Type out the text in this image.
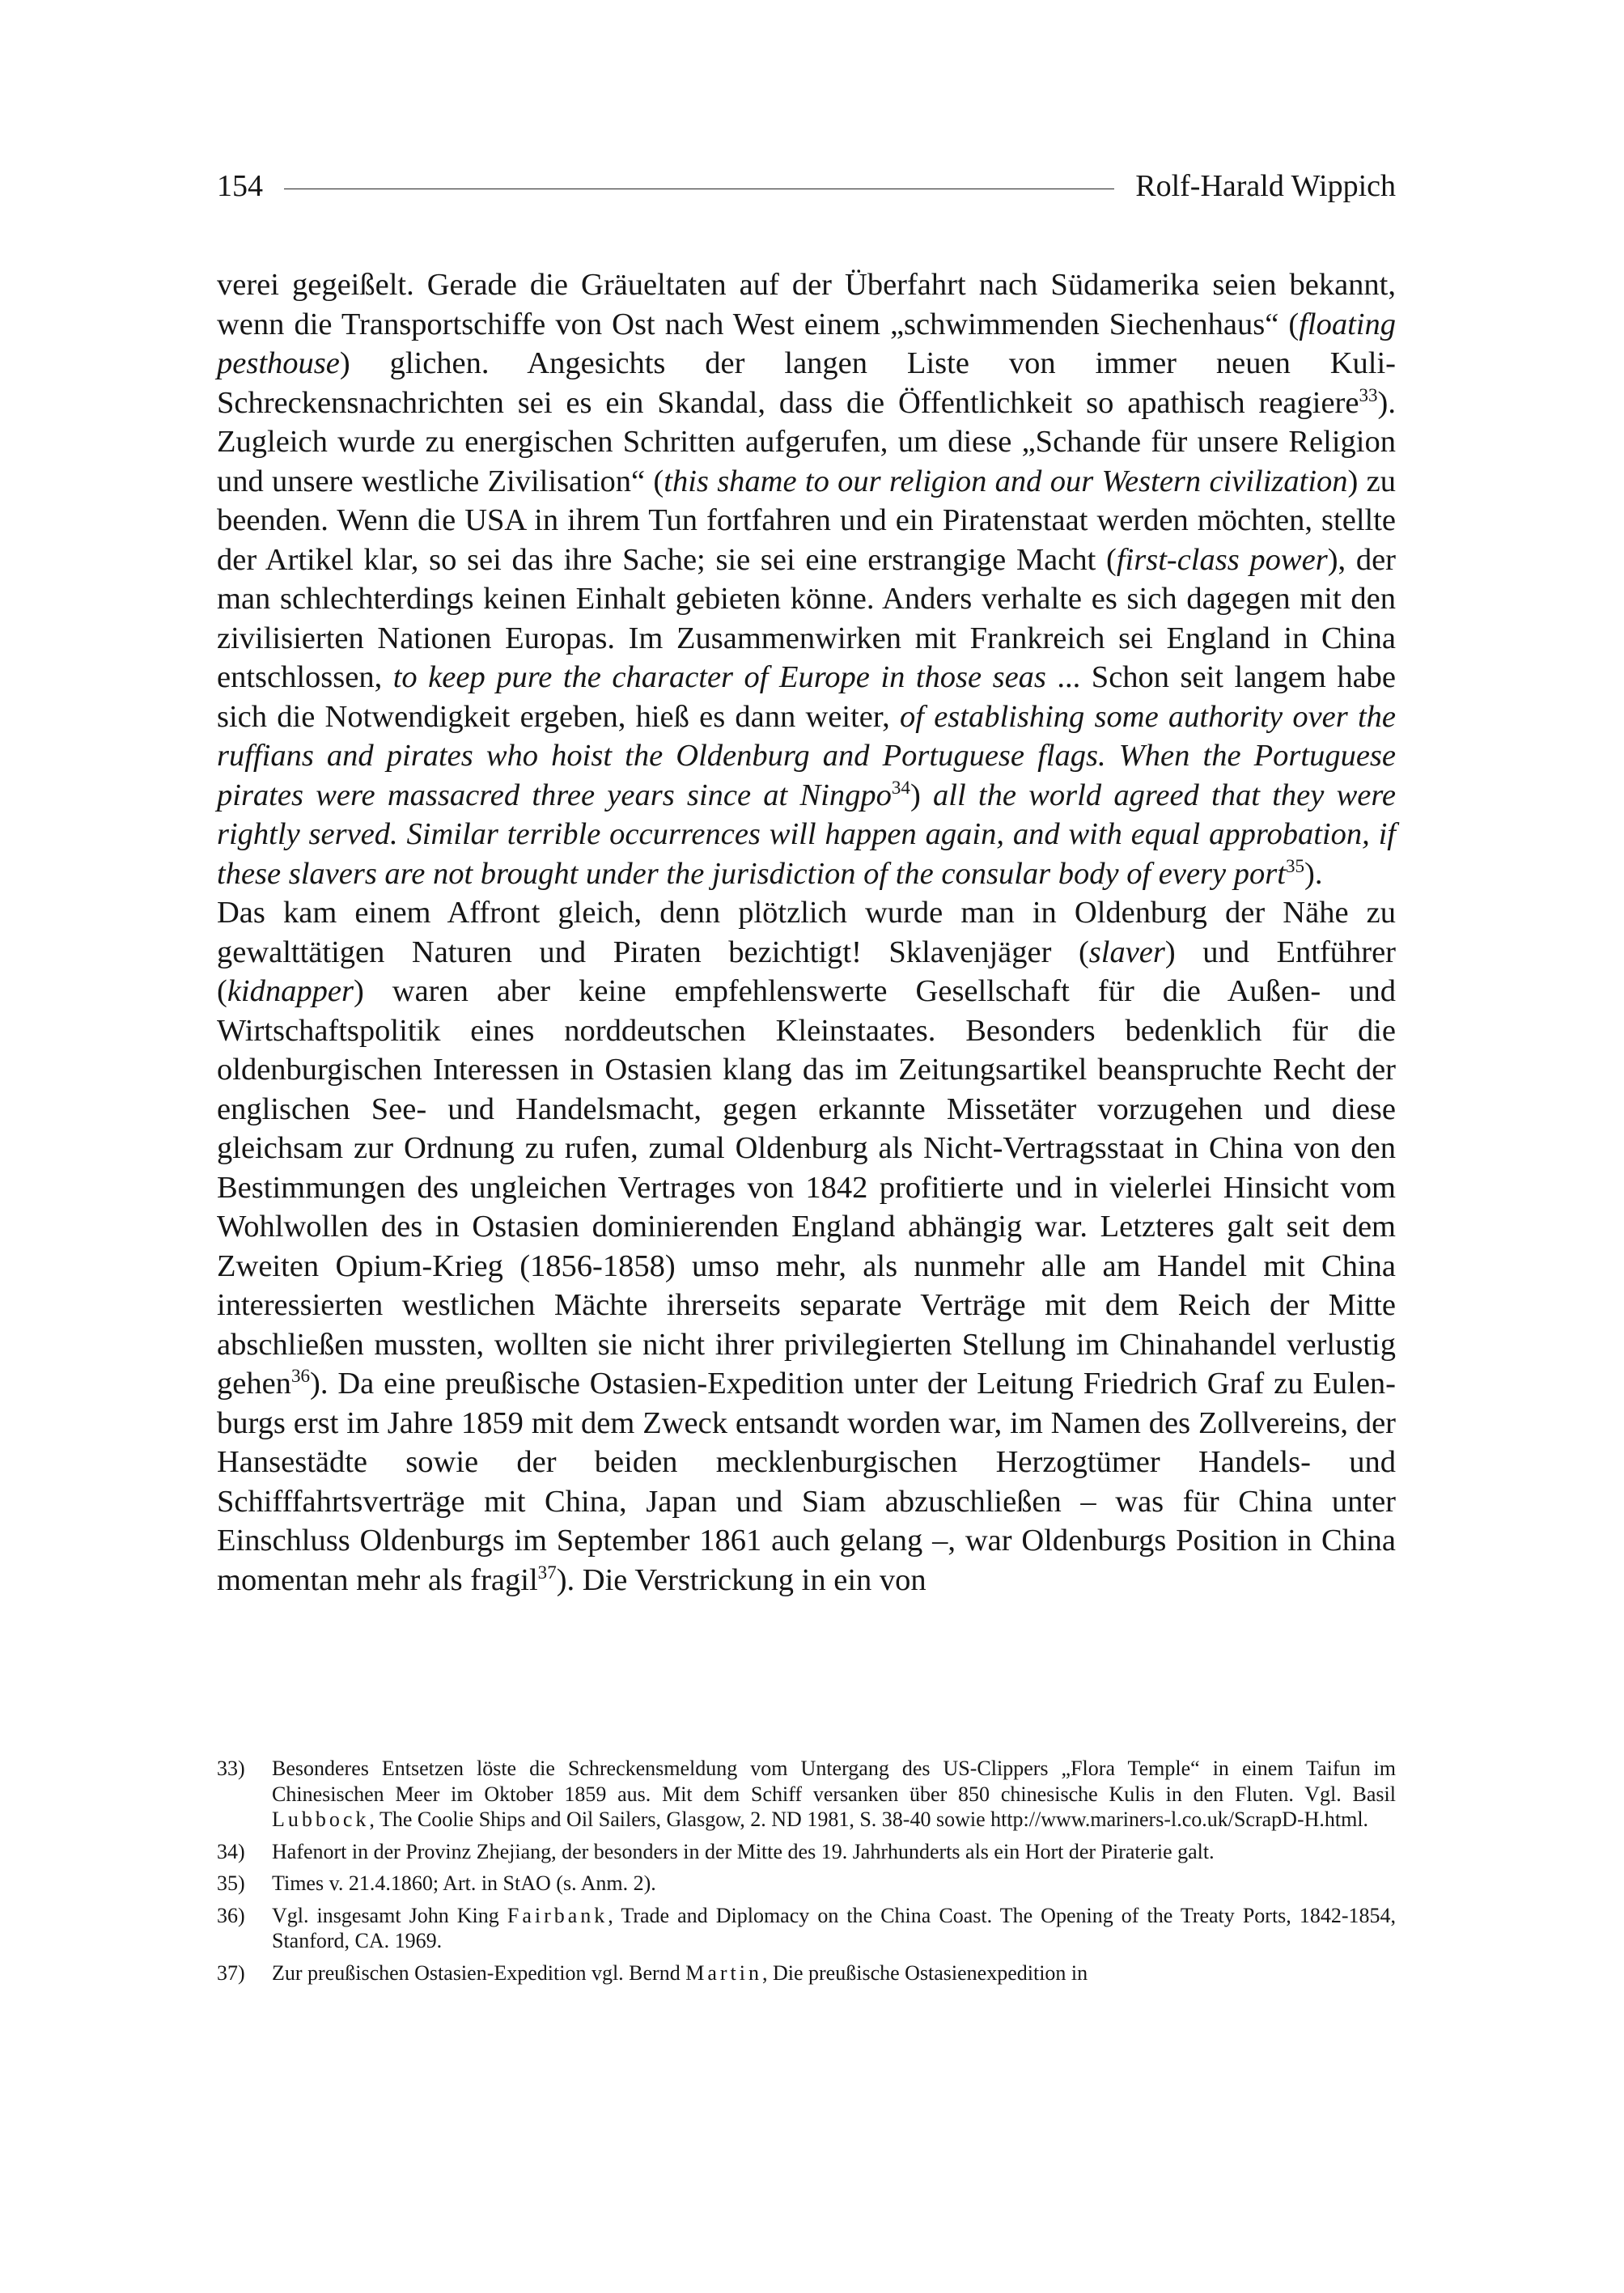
154	Rolf-Harald Wippich

verei gegeißelt. Gerade die Gräueltaten auf der Überfahrt nach Südamerika seien bekannt, wenn die Transportschiffe von Ost nach West einem „schwimmenden Siechenhaus“ (floating pesthouse) glichen. Angesichts der langen Liste von immer neuen Kuli-Schreckensnachrichten sei es ein Skandal, dass die Öffentlichkeit so apathisch reagiere$^{33}$). Zugleich wurde zu energischen Schritten aufgerufen, um diese „Schande für unsere Religion und unsere westliche Zivilisation“ (this shame to our religion and our Western civilization) zu beenden. Wenn die USA in ihrem Tun fortfahren und ein Piratenstaat werden möchten, stellte der Artikel klar, so sei das ihre Sache; sie sei eine erstrangige Macht (first-class power), der man schlechterdings keinen Einhalt gebieten könne. Anders verhalte es sich dagegen mit den zivilisierten Nationen Europas. Im Zusammenwirken mit Frankreich sei England in China entschlossen, to keep pure the character of Europe in those seas ... Schon seit langem habe sich die Notwendigkeit ergeben, hieß es dann weiter, of establishing some authority over the ruffians and pirates who hoist the Oldenburg and Portuguese flags. When the Portuguese pirates were massacred three years since at Ningpo$^{34}$) all the world agreed that they were rightly served. Similar terrible occurrences will happen again, and with equal approbation, if these slavers are not brought under the jurisdiction of the consular body of every port$^{35}$).

Das kam einem Affront gleich, denn plötzlich wurde man in Oldenburg der Nähe zu gewalttätigen Naturen und Piraten bezichtigt! Sklavenjäger (slaver) und Entführer (kidnapper) waren aber keine empfehlenswerte Gesellschaft für die Außen- und Wirtschaftspolitik eines norddeutschen Kleinstaates. Besonders bedenklich für die oldenburgischen Interessen in Ostasien klang das im Zeitungsartikel beanspruchte Recht der englischen See- und Handelsmacht, gegen erkannte Missetäter vorzugehen und diese gleichsam zur Ordnung zu rufen, zumal Oldenburg als Nicht-Vertragsstaat in China von den Bestimmungen des ungleichen Vertrages von 1842 profitierte und in vielerlei Hinsicht vom Wohlwollen des in Ostasien dominierenden England abhängig war. Letzteres galt seit dem Zweiten Opium-Krieg (1856-1858) umso mehr, als nunmehr alle am Handel mit China interessierten westlichen Mächte ihrerseits separate Verträge mit dem Reich der Mitte abschließen mussten, wollten sie nicht ihrer privilegierten Stellung im Chinahandel verlustig gehen$^{36}$). Da eine preußische Ostasien-Expedition unter der Leitung Friedrich Graf zu Eulenburgs erst im Jahre 1859 mit dem Zweck entsandt worden war, im Namen des Zollvereins, der Hansestädte sowie der beiden mecklenburgischen Herzogtümer Handels- und Schifffahrtsverträge mit China, Japan und Siam abzuschließen – was für China unter Einschluss Oldenburgs im September 1861 auch gelang –, war Oldenburgs Position in China momentan mehr als fragil$^{37}$). Die Verstrickung in ein von

33)	Besonderes Entsetzen löste die Schreckensmeldung vom Untergang des US-Clippers „Flora Temple“ in einem Taifun im Chinesischen Meer im Oktober 1859 aus. Mit dem Schiff versanken über 850 chinesische Kulis in den Fluten. Vgl. Basil Lubbock, The Coolie Ships and Oil Sailers, Glasgow, 2. ND 1981, S. 38-40 sowie http://www.mariners-l.co.uk/ScrapD-H.html.
34)	Hafenort in der Provinz Zhejiang, der besonders in der Mitte des 19. Jahrhunderts als ein Hort der Piraterie galt.
35)	Times v. 21.4.1860; Art. in StAO (s. Anm. 2).
36)	Vgl. insgesamt John King Fairbank, Trade and Diplomacy on the China Coast. The Opening of the Treaty Ports, 1842-1854, Stanford, CA. 1969.
37)	Zur preußischen Ostasien-Expedition vgl. Bernd Martin, Die preußische Ostasienexpedition in
